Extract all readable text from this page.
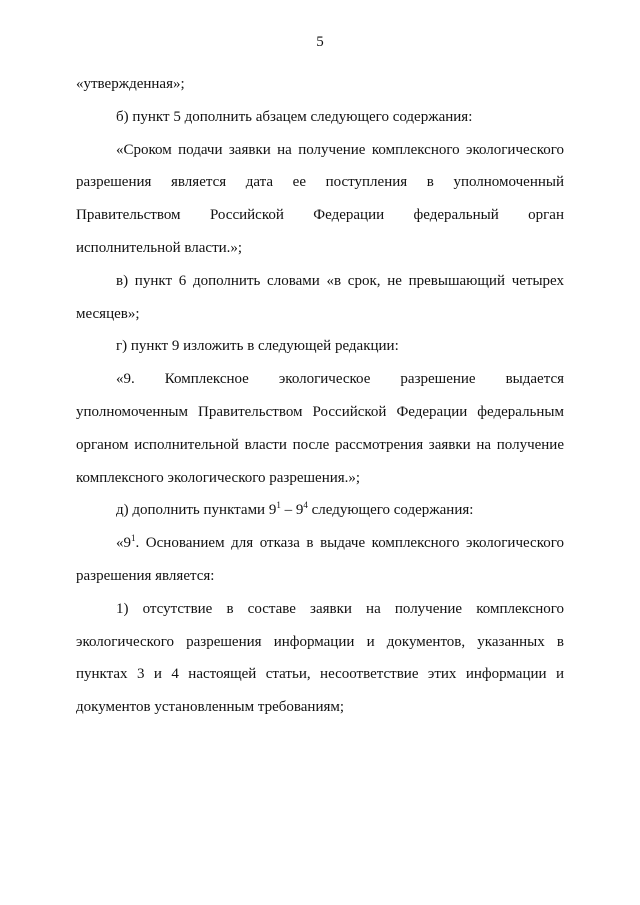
5

«утвержденная»;

б) пункт 5 дополнить абзацем следующего содержания:

«Сроком подачи заявки на получение комплексного экологического разрешения является дата ее поступления в уполномоченный Правительством Российской Федерации федеральный орган исполнительной власти.»;

в) пункт 6 дополнить словами «в срок, не превышающий четырех месяцев»;

г) пункт 9 изложить в следующей редакции:

«9. Комплексное экологическое разрешение выдается уполномоченным Правительством Российской Федерации федеральным органом исполнительной власти после рассмотрения заявки на получение комплексного экологического разрешения.»;

д) дополнить пунктами $9^1 - 9^4$ следующего содержания:

«$9^1$. Основанием для отказа в выдаче комплексного экологического разрешения является:

1) отсутствие в составе заявки на получение комплексного экологического разрешения информации и документов, указанных в пунктах 3 и 4 настоящей статьи, несоответствие этих информации и документов установленным требованиям;
